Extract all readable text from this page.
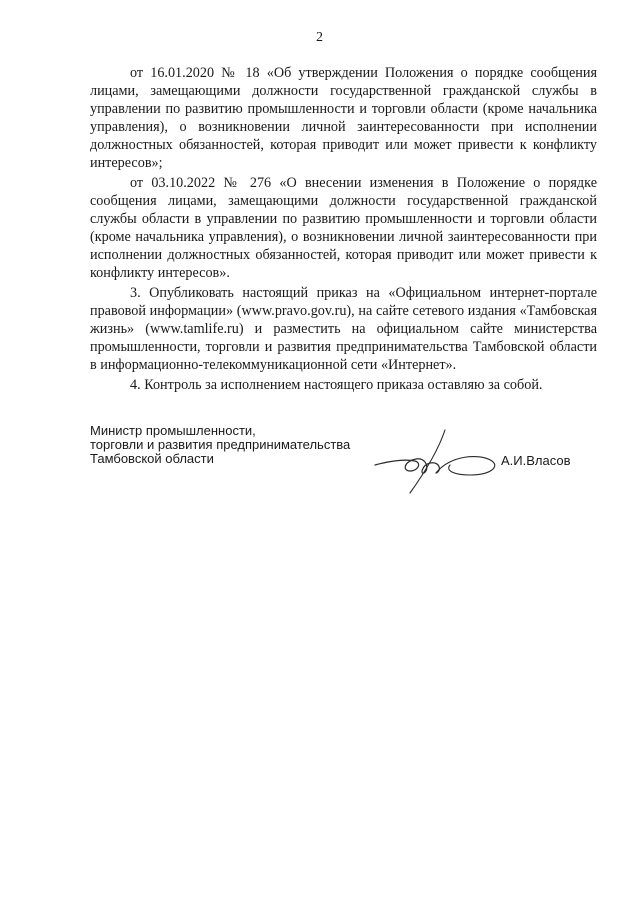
2

от 16.01.2020 № 18 «Об утверждении Положения о порядке сообщения лицами, замещающими должности государственной гражданской службы в управлении по развитию промышленности и торговли области (кроме начальника управления), о возникновении личной заинтересованности при исполнении должностных обязанностей, которая приводит или может привести к конфликту интересов»;

от 03.10.2022 № 276 «О внесении изменения в Положение о порядке сообщения лицами, замещающими должности государственной гражданской службы области в управлении по развитию промышленности и торговли области (кроме начальника управления), о возникновении личной заинтересованности при исполнении должностных обязанностей, которая приводит или может привести к конфликту интересов».

3. Опубликовать настоящий приказ на «Официальном интернет-портале правовой информации» (www.pravo.gov.ru), на сайте сетевого издания «Тамбовская жизнь» (www.tamlife.ru) и разместить на официальном сайте министерства промышленности, торговли и развития предпринимательства Тамбовской области в информационно-телекоммуникационной сети «Интернет».

4. Контроль за исполнением настоящего приказа оставляю за собой.

Министр промышленности,
торговли и развития предпринимательства
Тамбовской области	А.И.Власов
